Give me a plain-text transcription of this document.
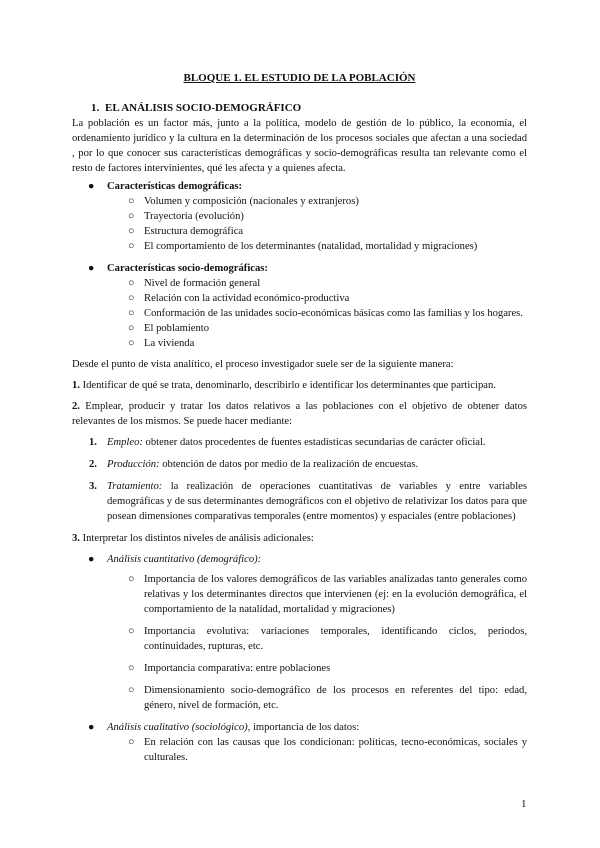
BLOQUE 1. EL ESTUDIO DE LA POBLACIÓN
1. EL ANÁLISIS SOCIO-DEMOGRÁFICO

La población es un factor más, junto a la política, modelo de gestión de lo público, la economía, el ordenamiento jurídico y la cultura en la determinación de los procesos sociales que afectan a una sociedad , por lo que conocer sus características demográficas y socio-demográficas resulta tan relevante como el resto de factores intervinientes, qué les afecta y a quienes afecta.

● Características demográficas:
○ Volumen y composición (nacionales y extranjeros)
○ Trayectoria (evolución)
○ Estructura demográfica
○ El comportamiento de los determinantes (natalidad, mortalidad y migraciones)
● Características socio-demográficas:
○ Nivel de formación general
○ Relación con la actividad económico-productiva
○ Conformación de las unidades socio-económicas básicas como las familias y los hogares.
○ El poblamiento
○ La vivienda

Desde el punto de vista analítico, el proceso investigador suele ser de la siguiente manera:

1. Identificar de qué se trata, denominarlo, describirlo e identificar los determinantes que participan.

2. Emplear, producir y tratar los datos relativos a las poblaciones con el objetivo de obtener datos relevantes de los mismos. Se puede hacer mediante:

1. Empleo: obtener datos procedentes de fuentes estadísticas secundarias de carácter oficial.
2. Producción: obtención de datos por medio de la realización de encuestas.
3. Tratamiento: la realización de operaciones cuantitativas de variables y entre variables demográficas y de sus determinantes demográficos con el objetivo de relativizar los datos para que posean dimensiones comparativas temporales (entre momentos) y espaciales (entre poblaciones)

3. Interpretar los distintos niveles de análisis adicionales:

● Análisis cuantitativo (demográfico):
○ Importancia de los valores demográficos de las variables analizadas tanto generales como relativas y los determinantes directos que intervienen (ej: en la evolución demográfica, el comportamiento de la natalidad, mortalidad y migraciones)
○ Importancia evolutiva: variaciones temporales, identificando ciclos, periodos, continuidades, rupturas, etc.
○ Importancia comparativa: entre poblaciones
○ Dimensionamiento socio-demográfico de los procesos en referentes del tipo: edad, género, nivel de formación, etc.
● Análisis cualitativo (sociológico), importancia de los datos:
○ En relación con las causas que los condicionan: políticas, tecno-económicas, sociales y culturales.
1
